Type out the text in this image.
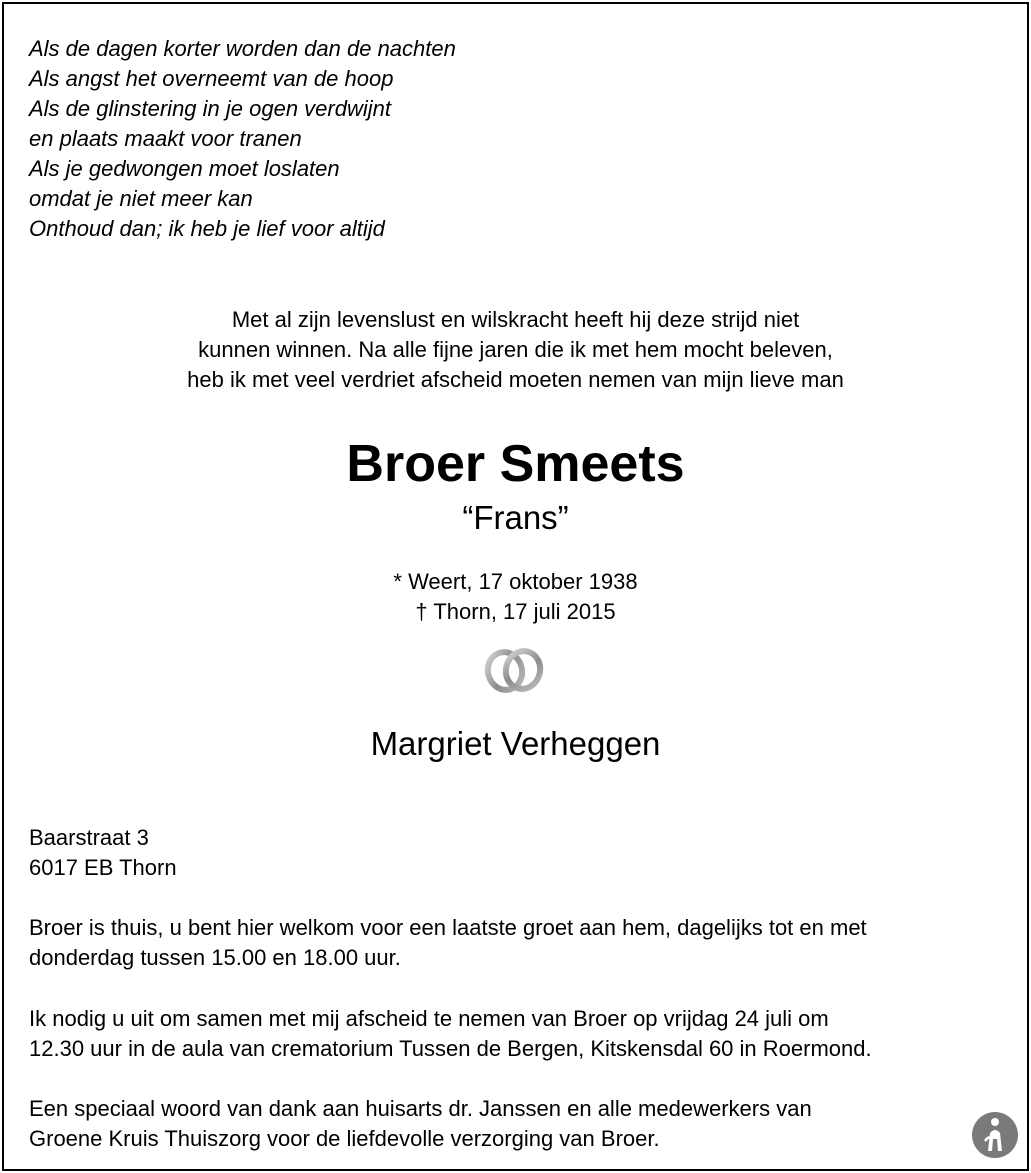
Als de dagen korter worden dan de nachten
Als angst het overneemt van de hoop
Als de glinstering in je ogen verdwijnt
en plaats maakt voor tranen
Als je gedwongen moet loslaten
omdat je niet meer kan
Onthoud dan; ik heb je lief voor altijd
Met al zijn levenslust en wilskracht heeft hij deze strijd niet
kunnen winnen. Na alle fijne jaren die ik met hem mocht beleven,
heb ik met veel verdriet afscheid moeten nemen van mijn lieve man
Broer Smeets
“Frans”
* Weert, 17 oktober 1938
† Thorn, 17 juli 2015
Margriet Verheggen
Baarstraat 3
6017 EB Thorn
Broer is thuis, u bent hier welkom voor een laatste groet aan hem, dagelijks tot en met
donderdag tussen 15.00 en 18.00 uur.
Ik nodig u uit om samen met mij afscheid te nemen van Broer op vrijdag 24 juli om
12.30 uur in de aula van crematorium Tussen de Bergen, Kitskensdal 60 in Roermond.
Een speciaal woord van dank aan huisarts dr. Janssen en alle medewerkers van
Groene Kruis Thuiszorg voor de liefdevolle verzorging van Broer.
